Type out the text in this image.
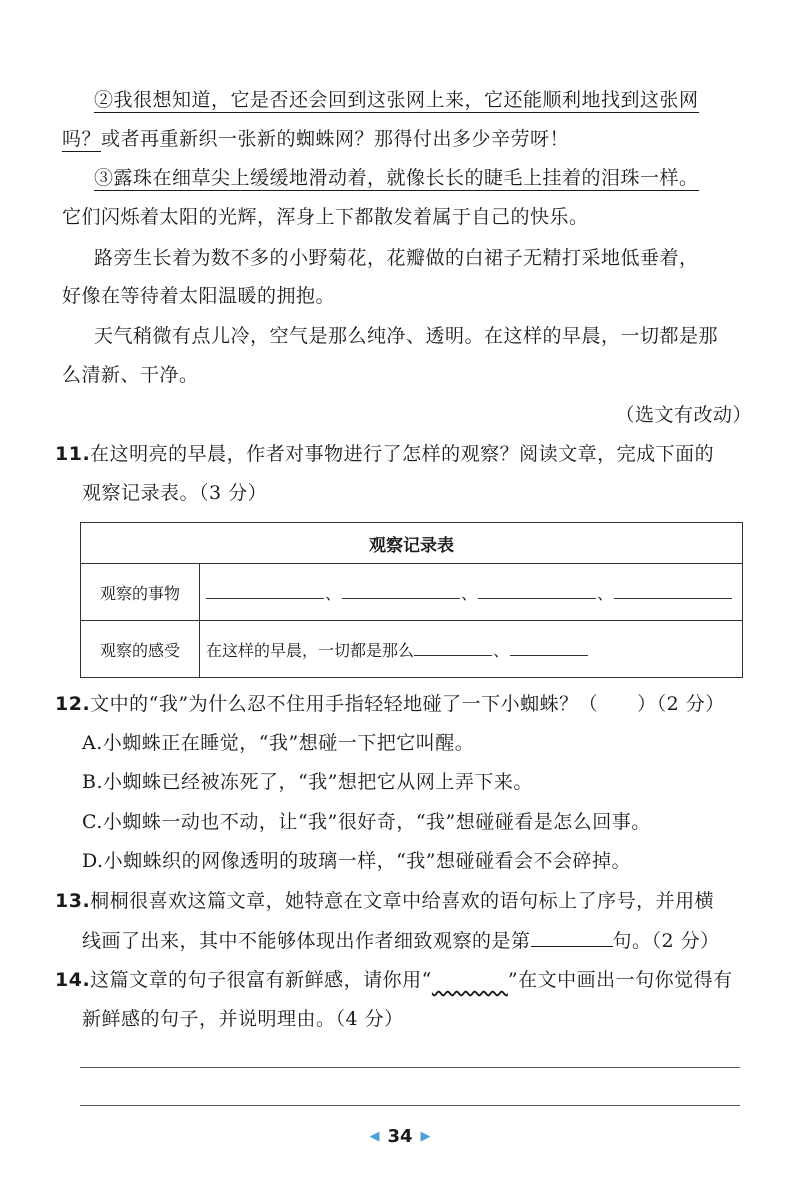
②我很想知道，它是否还会回到这张网上来，它还能顺利地找到这张网
吗？或者再重新织一张新的蜘蛛网？那得付出多少辛劳呀！
③露珠在细草尖上缓缓地滑动着，就像长长的睫毛上挂着的泪珠一样。
它们闪烁着太阳的光辉，浑身上下都散发着属于自己的快乐。
路旁生长着为数不多的小野菊花，花瓣做的白裙子无精打采地低垂着，
好像在等待着太阳温暖的拥抱。
天气稍微有点儿冷，空气是那么纯净、透明。在这样的早晨，一切都是那
么清新、干净。
（选文有改动）
11.在这明亮的早晨，作者对事物进行了怎样的观察？阅读文章，完成下面的
观察记录表。（3 分）
观察记录表	
观察的事物	、 、 、
观察的感受	在这样的早晨，一切都是那么 、
12.文中的“我”为什么忍不住用手指轻轻地碰了一下小蜘蛛？（　　）（2 分）
A.小蜘蛛正在睡觉，“我”想碰一下把它叫醒。
B.小蜘蛛已经被冻死了，“我”想把它从网上弄下来。
C.小蜘蛛一动也不动，让“我”很好奇，“我”想碰碰看是怎么回事。
D.小蜘蛛织的网像透明的玻璃一样，“我”想碰碰看会不会碎掉。
13.桐桐很喜欢这篇文章，她特意在文章中给喜欢的语句标上了序号，并用横
线画了出来，其中不能够体现出作者细致观察的是第	句。（2 分）
14.这篇文章的句子很富有新鲜感，请你用“　　　　	”在文中画出一句你觉得有
新鲜感的句子，并说明理由。（4 分）
◀ 34 ▶
